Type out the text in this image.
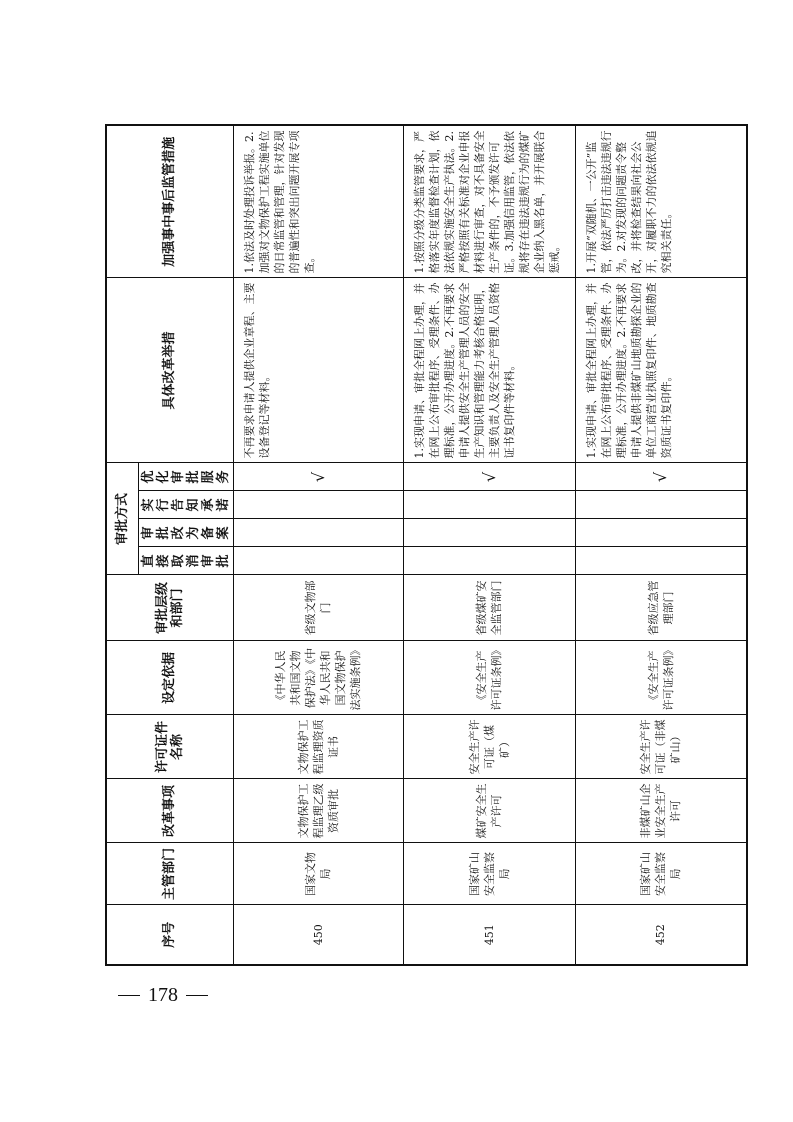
178
序号	主管部门	改革事项	许可证件名称	设定依据	审批层级和部门	审批方式				具体改革举措	加强事中事后监管措施
						直接取消审批	审批改为备案	实行告知承诺	优化审批服务		
450	国家文物局	文物保护工程监理乙级资质审批	文物保护工程监理资质证书	《中华人民共和国文物保护法》《中华人民共和国文物保护法实施条例》	省级文物部门				√	不再要求申请人提供企业章程、主要设备登记等材料。	1.依法及时处理投诉举报。2.加强对文物保护工程实施单位的日常监管和管理，针对发现的普遍性和突出问题开展专项查。
451	国家矿山安全监察局	煤矿安全生产许可	安全生产许可证（煤矿）	《安全生产许可证条例》	省级煤矿安全监管部门				√	1.实现申请、审批全程网上办理，并在网上公布审批程序、受理条件、办理标准，公开办理进度。2.不再要求申请人提供安全生产管理人员的安全生产知识和管理能力考核合格证明，主要负责人及安全生产管理人员资格证书复印件等材料。	1.按照分级分类监管要求，严格落实年度监督检查计划，依法依规实施安全生产执法。2.严格按照有关标准对企业申报材料进行审查，对不具备安全生产条件的，不予颁发许可证。3.加强信用监管，依法依规将存在违法违规行为的煤矿企业纳入黑名单，并开展联合惩戒。
452	国家矿山安全监察局	非煤矿山企业安全生产许可	安全生产许可证（非煤矿山）	《安全生产许可证条例》	省级应急管理部门				√	1.实现申请、审批全程网上办理，并在网上公布审批程序、受理条件、办理标准，公开办理进度。2.不再要求申请人提供非煤矿山地质勘探企业的单位工商营业执照复印件、地质勘查资质证书复印件。	1.开展“双随机、一公开”监管，依法严厉打击违法违规行为。2.对发现的问题责令整改，并将检查结果向社会公开，对履职不力的依法依规追究相关责任。
